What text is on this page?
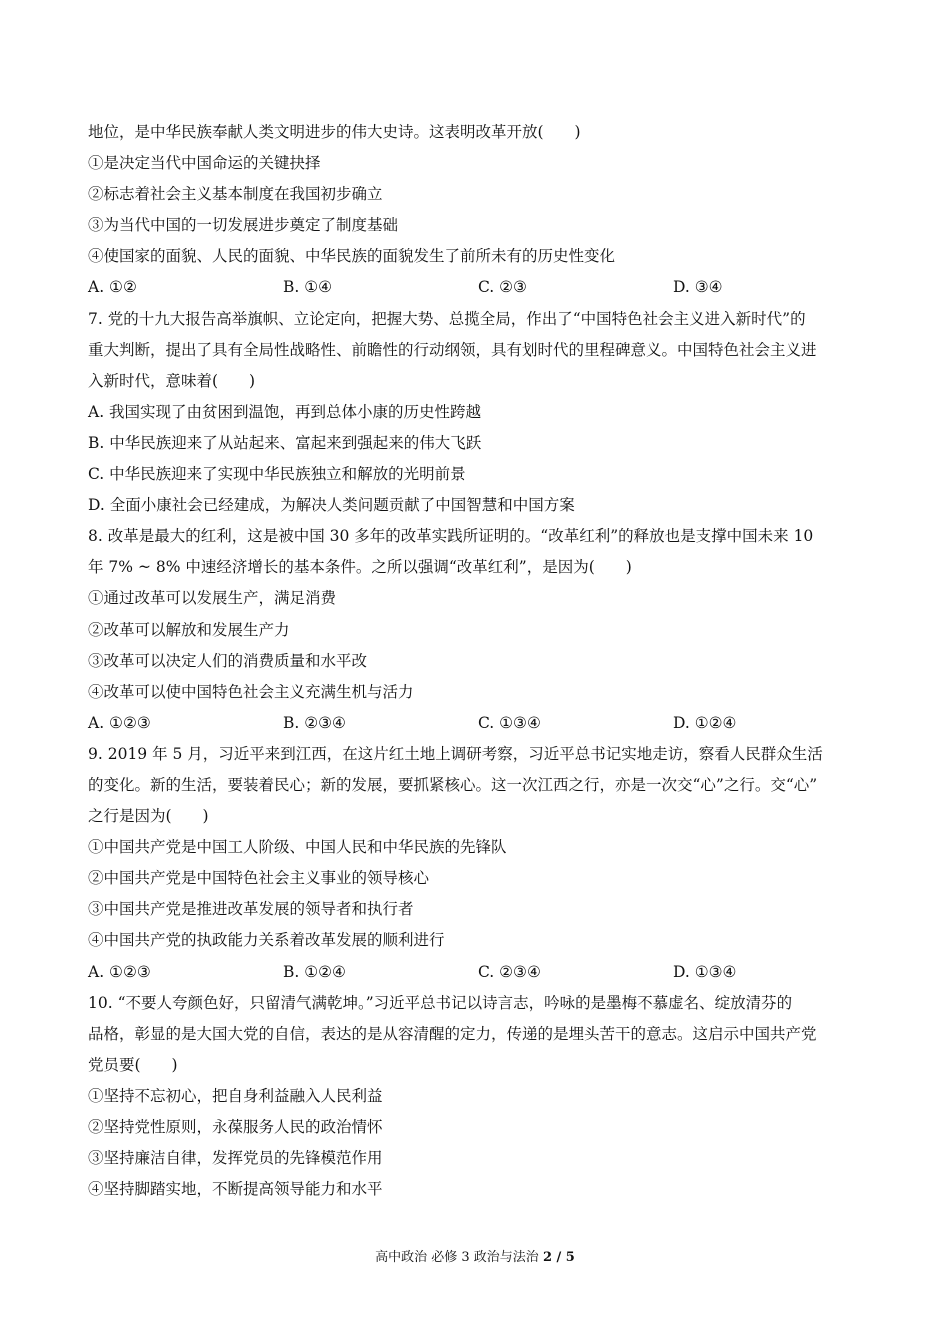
地位，是中华民族奉献人类文明进步的伟大史诗。这表明改革开放(　　)
①是决定当代中国命运的关键抉择
②标志着社会主义基本制度在我国初步确立
③为当代中国的一切发展进步奠定了制度基础
④使国家的面貌、人民的面貌、中华民族的面貌发生了前所未有的历史性变化
A. ①②	B. ①④	C. ②③	D. ③④
7. 党的十九大报告高举旗帜、立论定向，把握大势、总揽全局，作出了“中国特色社会主义进入新时代”的
重大判断，提出了具有全局性战略性、前瞻性的行动纲领，具有划时代的里程碑意义。中国特色社会主义进
入新时代，意味着(　　)
A. 我国实现了由贫困到温饱，再到总体小康的历史性跨越
B. 中华民族迎来了从站起来、富起来到强起来的伟大飞跃
C. 中华民族迎来了实现中华民族独立和解放的光明前景
D. 全面小康社会已经建成，为解决人类问题贡献了中国智慧和中国方案
8. 改革是最大的红利，这是被中国 30 多年的改革实践所证明的。“改革红利”的释放也是支撑中国未来 10
年 7% ~ 8% 中速经济增长的基本条件。之所以强调“改革红利”，是因为(　　)
①通过改革可以发展生产，满足消费
②改革可以解放和发展生产力
③改革可以决定人们的消费质量和水平改
④改革可以使中国特色社会主义充满生机与活力
A. ①②③	B. ②③④	C. ①③④	D. ①②④
9. 2019 年 5 月，习近平来到江西，在这片红土地上调研考察，习近平总书记实地走访，察看人民群众生活
的变化。新的生活，要装着民心；新的发展，要抓紧核心。这一次江西之行，亦是一次交“心”之行。交“心”
之行是因为(　　)
①中国共产党是中国工人阶级、中国人民和中华民族的先锋队
②中国共产党是中国特色社会主义事业的领导核心
③中国共产党是推进改革发展的领导者和执行者
④中国共产党的执政能力关系着改革发展的顺利进行
A. ①②③	B. ①②④	C. ②③④	D. ①③④
10. “不要人夸颜色好，只留清气满乾坤。”习近平总书记以诗言志，吟咏的是墨梅不慕虚名、绽放清芬的
品格，彰显的是大国大党的自信，表达的是从容清醒的定力，传递的是埋头苦干的意志。这启示中国共产党
党员要(　　)
①坚持不忘初心，把自身利益融入人民利益
②坚持党性原则，永葆服务人民的政治情怀
③坚持廉洁自律，发挥党员的先锋模范作用
④坚持脚踏实地，不断提高领导能力和水平
高中政治 必修 3 政治与法治 2 / 5
